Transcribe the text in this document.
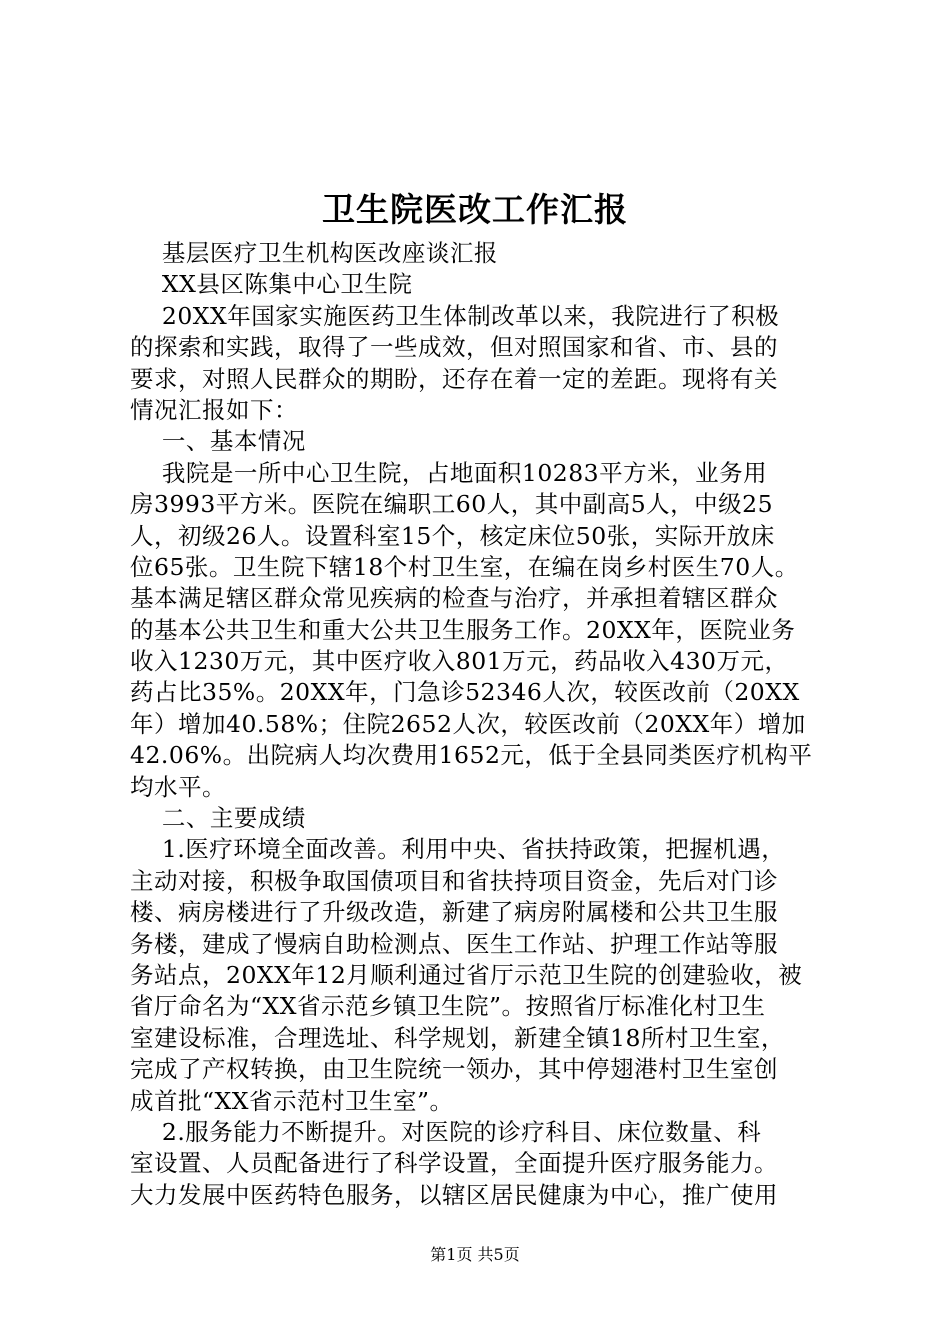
卫生院医改工作汇报
基层医疗卫生机构医改座谈汇报
XX县区陈集中心卫生院
20XX年国家实施医药卫生体制改革以来，我院进行了积极
的探索和实践，取得了一些成效，但对照国家和省、市、县的
要求，对照人民群众的期盼，还存在着一定的差距。现将有关
情况汇报如下：
一、基本情况
我院是一所中心卫生院，占地面积10283平方米，业务用
房3993平方米。医院在编职工60人，其中副高5人，中级25
人，初级26人。设置科室15个，核定床位50张，实际开放床
位65张。卫生院下辖18个村卫生室，在编在岗乡村医生70人。
基本满足辖区群众常见疾病的检查与治疗，并承担着辖区群众
的基本公共卫生和重大公共卫生服务工作。20XX年，医院业务
收入1230万元，其中医疗收入801万元，药品收入430万元，
药占比35%。20XX年，门急诊52346人次，较医改前（20XX
年）增加40.58%；住院2652人次，较医改前（20XX年）增加
42.06%。出院病人均次费用1652元，低于全县同类医疗机构平
均水平。
二、主要成绩
1.医疗环境全面改善。利用中央、省扶持政策，把握机遇，
主动对接，积极争取国债项目和省扶持项目资金，先后对门诊
楼、病房楼进行了升级改造，新建了病房附属楼和公共卫生服
务楼，建成了慢病自助检测点、医生工作站、护理工作站等服
务站点，20XX年12月顺利通过省厅示范卫生院的创建验收，被
省厅命名为“XX省示范乡镇卫生院”。按照省厅标准化村卫生
室建设标准，合理选址、科学规划，新建全镇18所村卫生室，
完成了产权转换，由卫生院统一领办，其中停翅港村卫生室创
成首批“XX省示范村卫生室”。
2.服务能力不断提升。对医院的诊疗科目、床位数量、科
室设置、人员配备进行了科学设置，全面提升医疗服务能力。
大力发展中医药特色服务，以辖区居民健康为中心，推广使用
第1页 共5页
